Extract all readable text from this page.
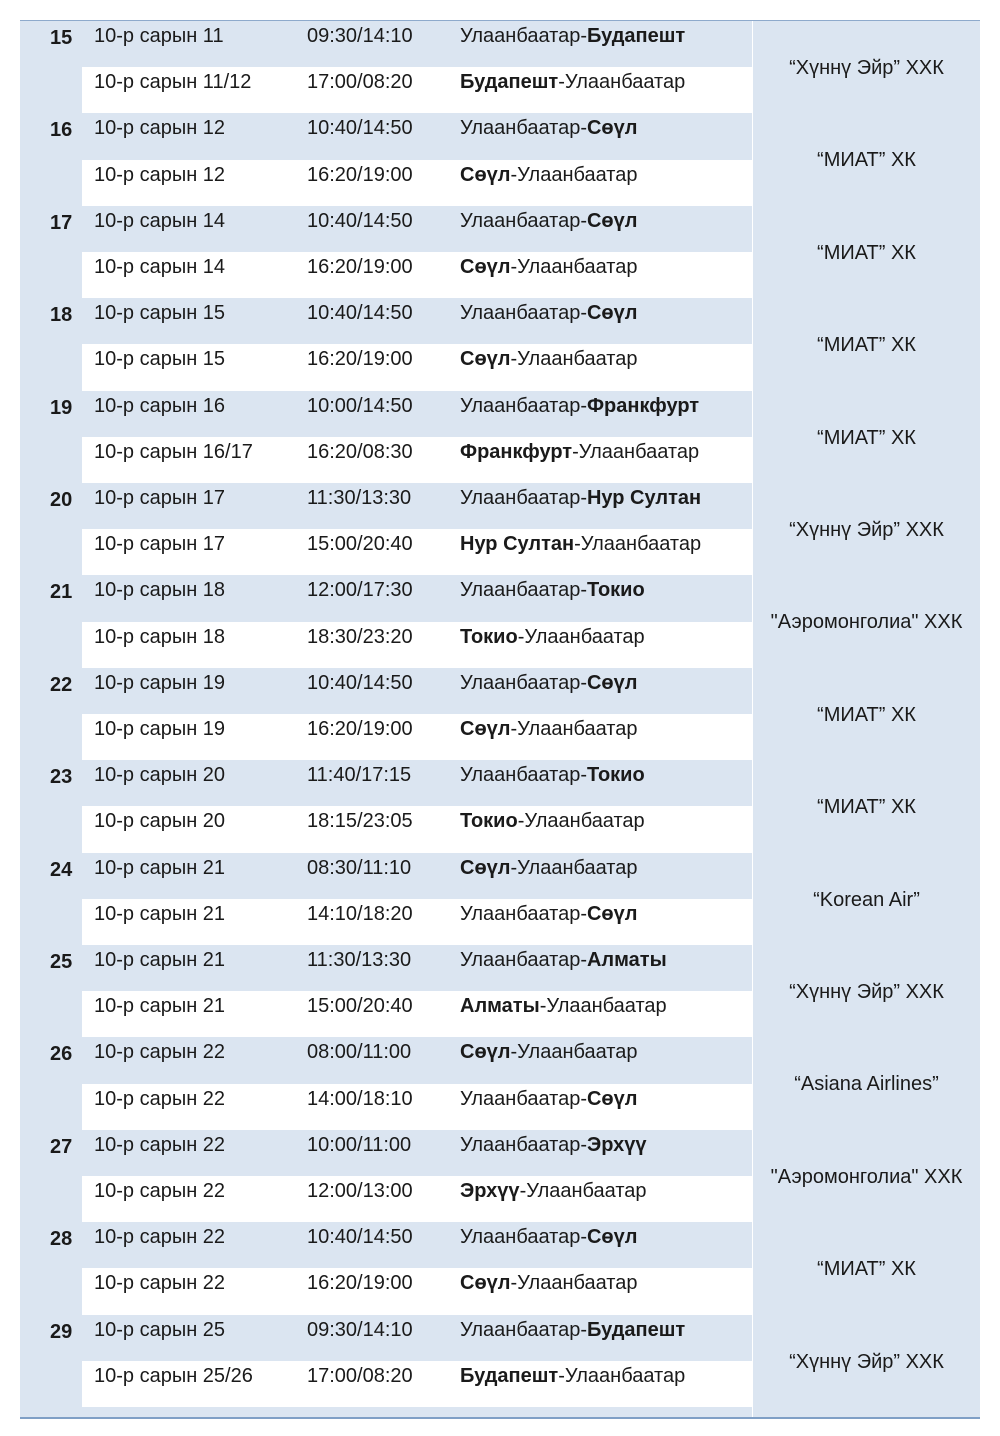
15 10-р сарын 11	09:30/14:10 Улаанбаатар-Будапешт
10-р сарын 11/12	17:00/08:20 Будапешт-Улаанбаатар
“Хүннү Эйр” ХХК
16 10-р сарын 12	10:40/14:50 Улаанбаатар-Сөүл
10-р сарын 12	16:20/19:00 Сөүл-Улаанбаатар
“МИАТ” ХК
17 10-р сарын 14	10:40/14:50 Улаанбаатар-Сөүл
10-р сарын 14	16:20/19:00 Сөүл-Улаанбаатар
“МИАТ” ХК
18 10-р сарын 15	10:40/14:50 Улаанбаатар-Сөүл
10-р сарын 15	16:20/19:00 Сөүл-Улаанбаатар
“МИАТ” ХК
19 10-р сарын 16	10:00/14:50 Улаанбаатар-Франкфурт
10-р сарын 16/17	16:20/08:30 Франкфурт-Улаанбаатар
“МИАТ” ХК
20 10-р сарын 17	11:30/13:30 Улаанбаатар-Нур Султан
10-р сарын 17	15:00/20:40 Нур Султан-Улаанбаатар
“Хүннү Эйр” ХХК
21 10-р сарын 18	12:00/17:30 Улаанбаатар-Токио
10-р сарын 18	18:30/23:20 Токио-Улаанбаатар
"Аэромонголиа" ХХК
22 10-р сарын 19	10:40/14:50 Улаанбаатар-Сөүл
10-р сарын 19	16:20/19:00 Сөүл-Улаанбаатар
“МИАТ” ХК
23 10-р сарын 20	11:40/17:15 Улаанбаатар-Токио
10-р сарын 20	18:15/23:05 Токио-Улаанбаатар
“МИАТ” ХК
24 10-р сарын 21	08:30/11:10 Сөүл-Улаанбаатар
10-р сарын 21	14:10/18:20 Улаанбаатар-Сөүл
“Korean Air”
25 10-р сарын 21	11:30/13:30 Улаанбаатар-Алматы
10-р сарын 21	15:00/20:40 Алматы-Улаанбаатар
“Хүннү Эйр” ХХК
26 10-р сарын 22	08:00/11:00 Сөүл-Улаанбаатар
10-р сарын 22	14:00/18:10 Улаанбаатар-Сөүл
“Asiana Airlines”
27 10-р сарын 22	10:00/11:00 Улаанбаатар-Эрхүү
10-р сарын 22	12:00/13:00 Эрхүү-Улаанбаатар
"Аэромонголиа" ХХК
28 10-р сарын 22	10:40/14:50 Улаанбаатар-Сөүл
10-р сарын 22	16:20/19:00 Сөүл-Улаанбаатар
“МИАТ” ХК
29 10-р сарын 25	09:30/14:10 Улаанбаатар-Будапешт
10-р сарын 25/26	17:00/08:20 Будапешт-Улаанбаатар
“Хүннү Эйр” ХХК
